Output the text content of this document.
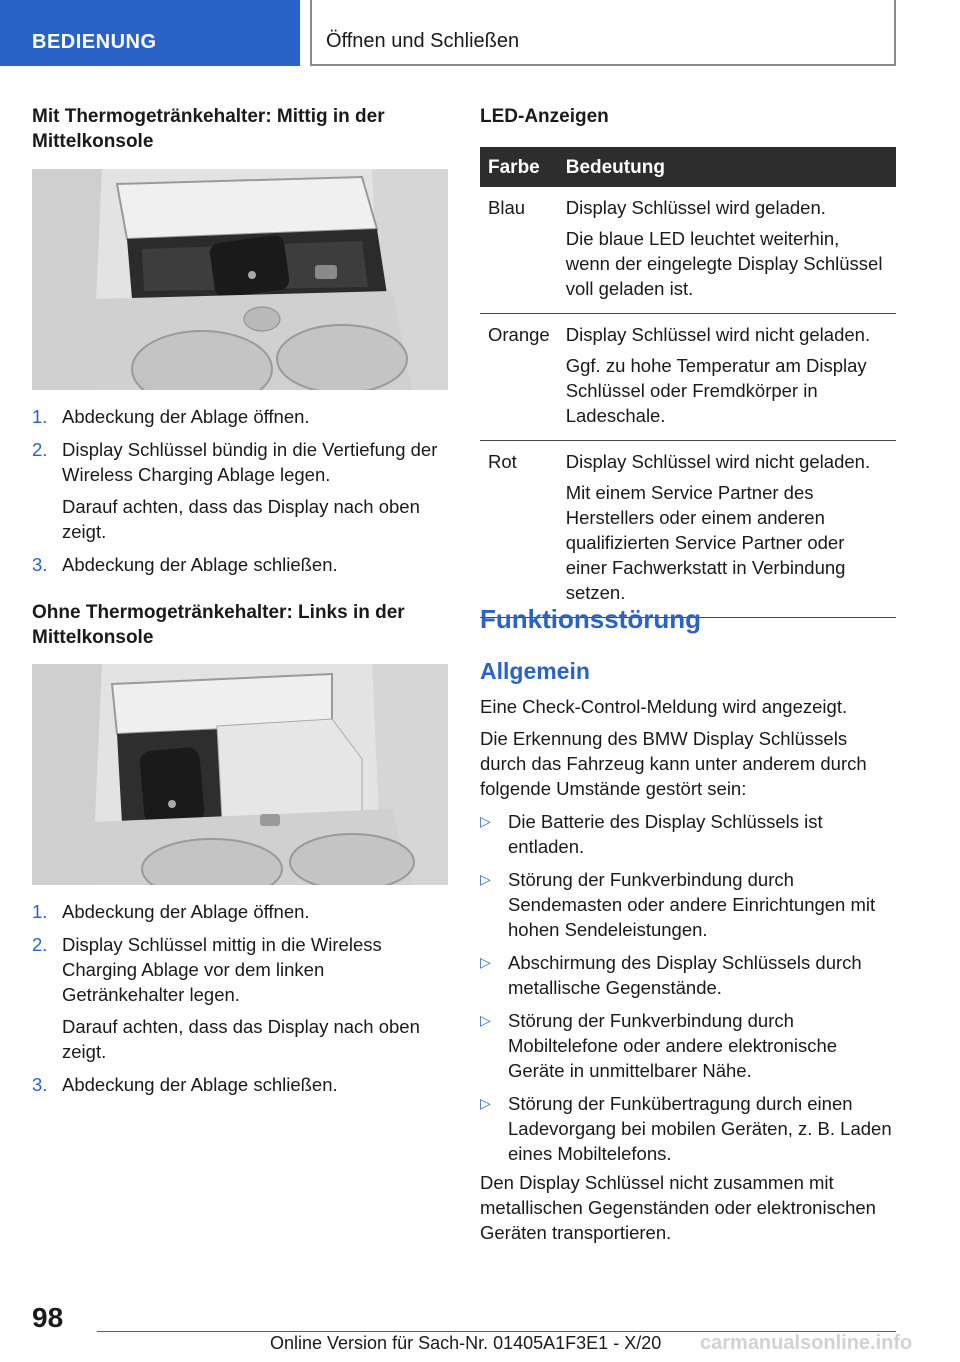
BEDIENUNG	Öffnen und Schließen
Mit Thermogetränkehalter: Mittig in der Mittelkonsole
1. Abdeckung der Ablage öffnen.
2. Display Schlüssel bündig in die Vertiefung der Wireless Charging Ablage legen.
Darauf achten, dass das Display nach oben zeigt.
3. Abdeckung der Ablage schließen.
Ohne Thermogetränkehalter: Links in der Mittelkonsole
1. Abdeckung der Ablage öffnen.
2. Display Schlüssel mittig in die Wireless Charging Ablage vor dem linken Getränkehalter legen.
Darauf achten, dass das Display nach oben zeigt.
3. Abdeckung der Ablage schließen.
LED-Anzeigen
Farbe	Bedeutung
Blau	Display Schlüssel wird geladen.
Die blaue LED leuchtet weiterhin, wenn der eingelegte Display Schlüssel voll geladen ist.

Orange	Display Schlüssel wird nicht geladen.
Ggf. zu hohe Temperatur am Display Schlüssel oder Fremdkörper in Ladeschale.

Rot	Display Schlüssel wird nicht geladen.
Mit einem Service Partner des Herstellers oder einem anderen qualifizierten Service Partner oder einer Fachwerkstatt in Verbindung setzen.
Funktionsstörung
Allgemein
Eine Check-Control-Meldung wird angezeigt.
Die Erkennung des BMW Display Schlüssels durch das Fahrzeug kann unter anderem durch folgende Umstände gestört sein:
▷ Die Batterie des Display Schlüssels ist entladen.
▷ Störung der Funkverbindung durch Sendemasten oder andere Einrichtungen mit hohen Sendeleistungen.
▷ Abschirmung des Display Schlüssels durch metallische Gegenstände.
▷ Störung der Funkverbindung durch Mobiltelefone oder andere elektronische Geräte in unmittelbarer Nähe.
▷ Störung der Funkübertragung durch einen Ladevorgang bei mobilen Geräten, z. B. Laden eines Mobiltelefons.
Den Display Schlüssel nicht zusammen mit metallischen Gegenständen oder elektronischen Geräten transportieren.
98
Online Version für Sach-Nr. 01405A1F3E1 - X/20 carmanualsonline.info
